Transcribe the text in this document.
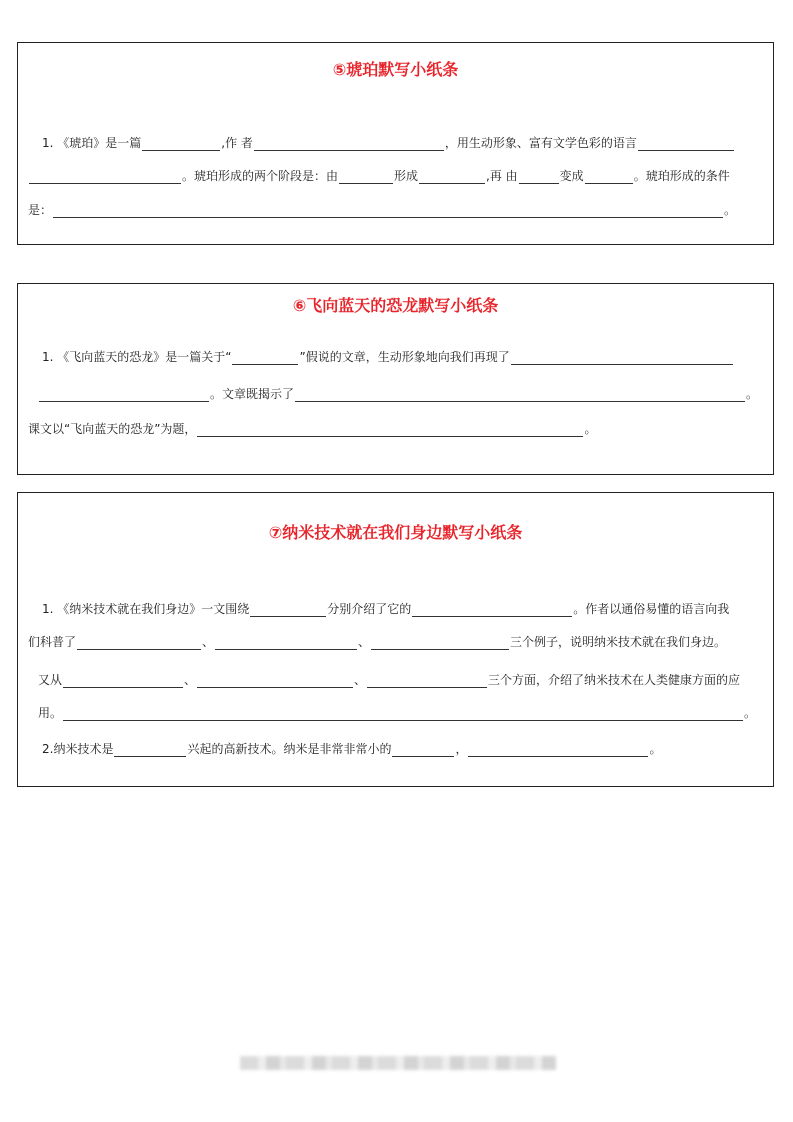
⑤琥珀默写小纸条
1. 《琥珀》是一篇	,作 者	，用生动形象、富有文学色彩的语言
。琥珀形成的两个阶段是：由	形成	,再 由	变成	。琥珀形成的条件
是：	。
⑥飞向蓝天的恐龙默写小纸条
1. 《飞向蓝天的恐龙》是一篇关于“	”假说的文章，生动形象地向我们再现了
。文章既揭示了	。
课文以“飞向蓝天的恐龙”为题，	。
⑦纳米技术就在我们身边默写小纸条
1. 《纳米技术就在我们身边》一文围绕	分别介绍了它的	。作者以通俗易懂的语言向我
们科普了	、	、	三个例子，说明纳米技术就在我们身边。
又从	、	、	三个方面，介绍了纳米技术在人类健康方面的应
用。	。
2.纳米技术是	兴起的高新技术。纳米是非常非常小的	，	。
